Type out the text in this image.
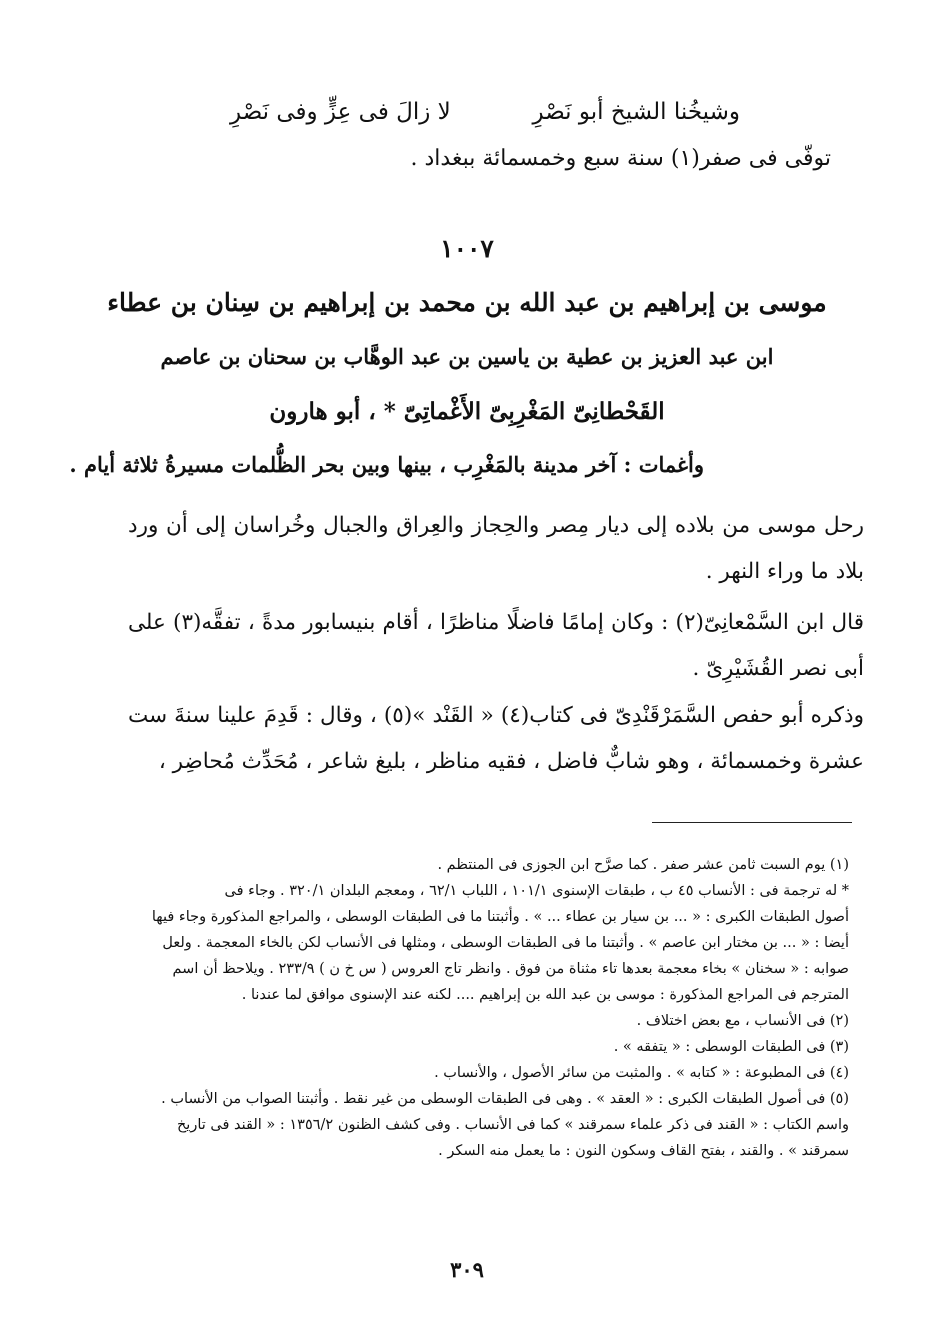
وشيخُنا الشيخ أبو نَصْرِ
لا زالَ فى عِزٍّ وفى نَصْرِ
توفّى فى صفر(١) سنة سبع وخمسمائة ببغداد .
١٠٠٧
موسى بن إبراهيم بن عبد الله بن محمد بن إبراهيم بن سِنان بن عطاء
ابن عبد العزيز بن عطية بن ياسين بن عبد الوهَّاب بن سحنان بن عاصم
القَحْطانِىّ المَغْرِبِىّ الأَغْماتِىّ * ، أبو هارون
وأغمات : آخر مدينة بالمَغْرِب ، بينها وبين بحر الظُّلمات مسيرةُ ثلاثة أيام .
رحل موسى من بلاده إلى ديار مِصر والحِجاز والعِراق والجبال وخُراسان إلى أن ورد بلاد ما وراء النهر .
قال ابن السَّمْعانِىّ(٢) : وكان إمامًا فاضلًا مناظرًا ، أقام بنيسابور مدةً ، تفقَّه(٣) على أبى نصر القُشَيْرِىّ .
وذكره أبو حفص السَّمَرْقَنْدِىّ فى كتاب(٤) « القَنْد »(٥) ، وقال : قَدِمَ علينا سنةَ ست عشرة وخمسمائة ، وهو شابٌّ فاضل ، فقيه مناظر ، بليغ شاعر ، مُحَدِّث مُحاضِر ،
(١) يوم السبت ثامن عشر صفر . كما صرَّح ابن الجوزى فى المنتظم .
* له ترجمة فى : الأنساب ٤٥ ب ، طبقات الإسنوى ١٠١/١ ، اللباب ٦٢/١ ، ومعجم البلدان ٣٢٠/١ . وجاء فى
أصول الطبقات الكبرى : « ... بن سيار بن عطاء ... » . وأثبتنا ما فى الطبقات الوسطى ، والمراجع المذكورة وجاء فيها
أيضا : « ... بن مختار ابن عاصم » . وأثبتنا ما فى الطبقات الوسطى ، ومثلها فى الأنساب لكن بالخاء المعجمة . ولعل
صوابه : « سخنان » بخاء معجمة بعدها تاء مثناة من فوق . وانظر تاج العروس ( س خ ن ) ٢٣٣/٩ . ويلاحظ أن اسم
المترجم فى المراجع المذكورة : موسى بن عبد الله بن إبراهيم .... لكنه عند الإسنوى موافق لما عندنا .
(٢) فى الأنساب ، مع بعض اختلاف .
(٣) فى الطبقات الوسطى : « يتفقه » .
(٤) فى المطبوعة : « كتابه » . والمثبت من سائر الأصول ، والأنساب .
(٥) فى أصول الطبقات الكبرى : « العقد » . وهى فى الطبقات الوسطى من غير نقط . وأثبتنا الصواب من الأنساب .
واسم الكتاب : « القند فى ذكر علماء سمرقند » كما فى الأنساب . وفى كشف الظنون ١٣٥٦/٢ : « القند فى تاريخ
سمرقند » . والقند ، بفتح القاف وسكون النون : ما يعمل منه السكر .
٣٠٩
